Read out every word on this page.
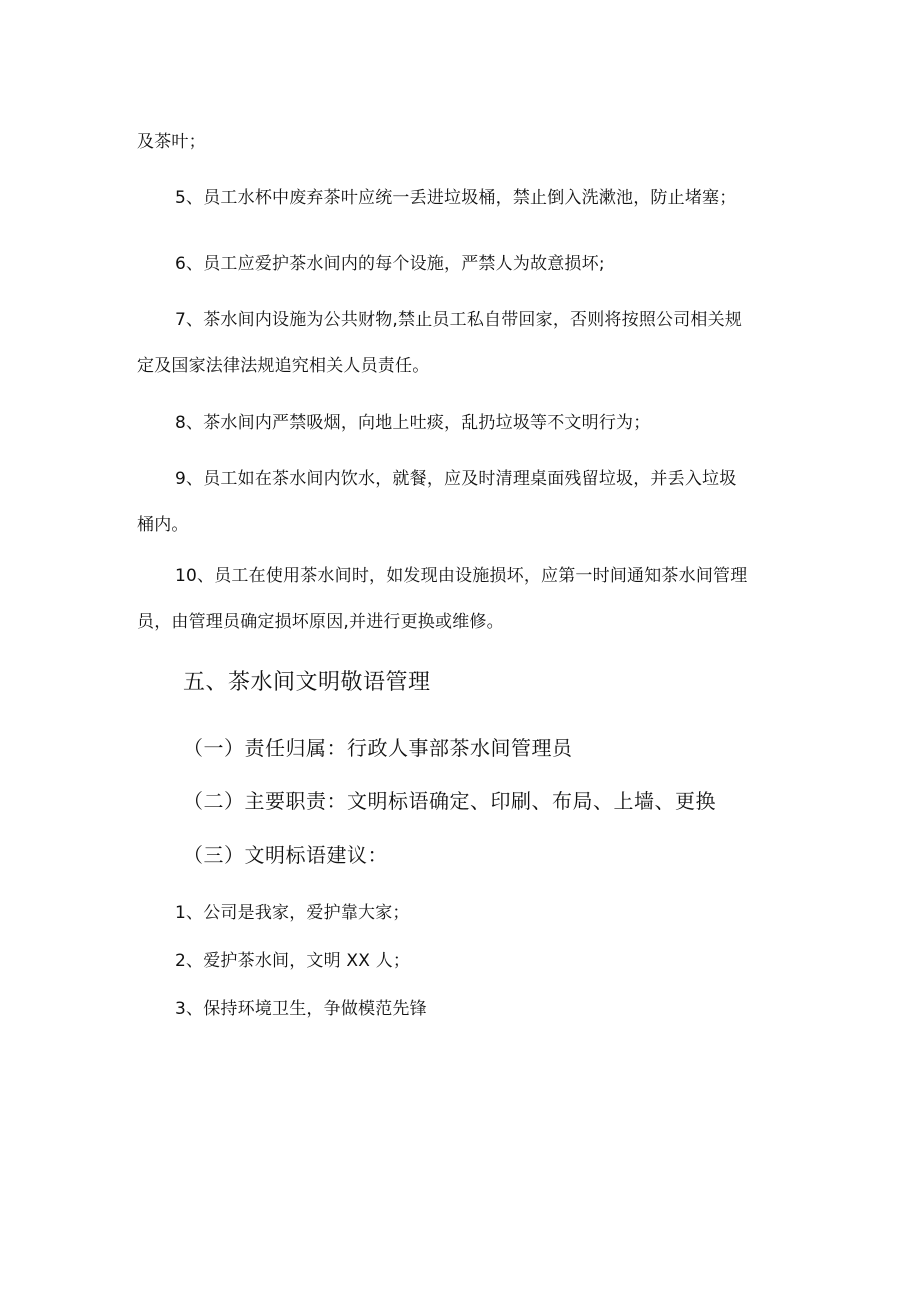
及茶叶；
5、员工水杯中废弃茶叶应统一丢进垃圾桶，禁止倒入洗漱池，防止堵塞；
6、员工应爱护茶水间内的每个设施，严禁人为故意损坏;
7、茶水间内设施为公共财物,禁止员工私自带回家，否则将按照公司相关规
定及国家法律法规追究相关人员责任。
8、茶水间内严禁吸烟，向地上吐痰，乱扔垃圾等不文明行为；
9、员工如在茶水间内饮水，就餐，应及时清理桌面残留垃圾，并丢入垃圾
桶内。
10、员工在使用茶水间时，如发现由设施损坏，应第一时间通知茶水间管理
员，由管理员确定损坏原因,并进行更换或维修。
五、茶水间文明敬语管理
（一）责任归属：行政人事部茶水间管理员
（二）主要职责：文明标语确定、印刷、布局、上墙、更换
（三）文明标语建议：
1、公司是我家，爱护靠大家；
2、爱护茶水间，文明 XX 人；
3、保持环境卫生，争做模范先锋
